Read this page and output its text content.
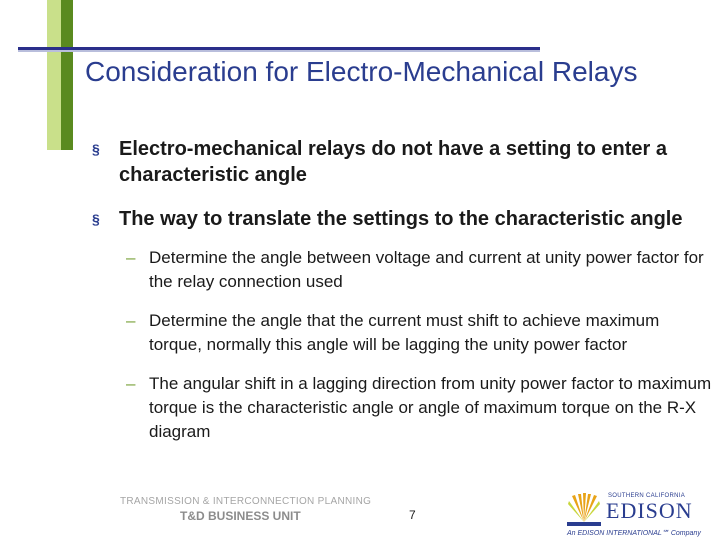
Consideration for Electro-Mechanical Relays
§ Electro-mechanical relays do not have a setting to enter a characteristic angle
§ The way to translate the settings to the characteristic angle
– Determine the angle between voltage and current at unity power factor for the relay connection used
– Determine the angle that the current must shift to achieve maximum torque, normally this angle will be lagging the unity power factor
– The angular shift in a lagging direction from unity power factor to maximum torque is the characteristic angle or angle of maximum torque on the R-X diagram
TRANSMISSION & INTERCONNECTION PLANNING
T&D BUSINESS UNIT	7
SOUTHERN CALIFORNIA
EDISON
An EDISON INTERNATIONAL℠ Company
